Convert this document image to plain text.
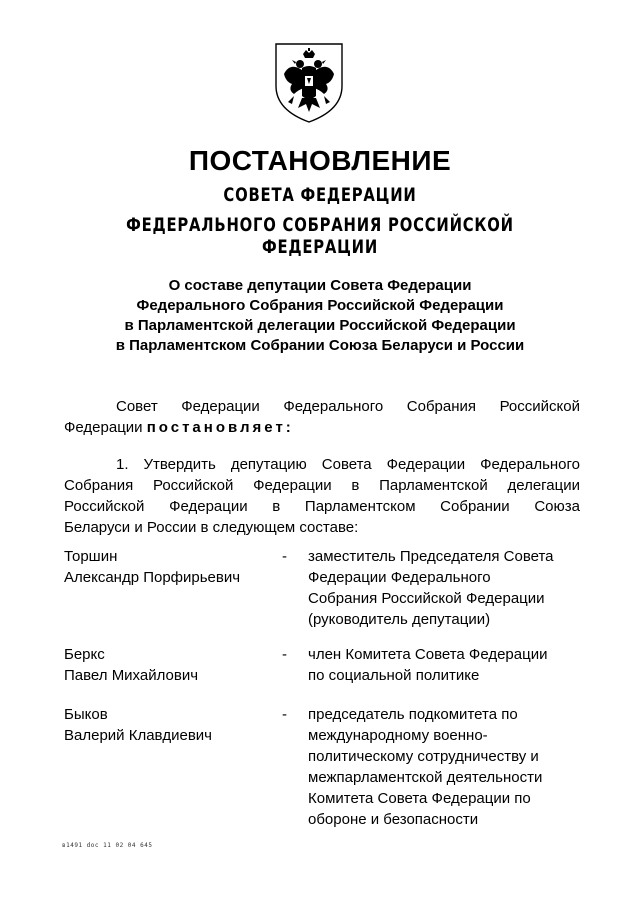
ПОСТАНОВЛЕНИЕ
СОВЕТА ФЕДЕРАЦИИ
ФЕДЕРАЛЬНОГО СОБРАНИЯ РОССИЙСКОЙ ФЕДЕРАЦИИ
О составе депутации Совета Федерации
Федерального Собрания Российской Федерации
в Парламентской делегации Российской Федерации
в Парламентском Собрании Союза Беларуси и России
Совет Федерации Федерального Собрания Российской
Федерации постановляет:
1. Утвердить депутацию Совета Федерации Федерального
Собрания Российской Федерации в Парламентской делегации
Российской Федерации в Парламентском Собрании Союза
Беларуси и России в следующем составе:
Торшин
Александр Порфирьевич
-	заместитель Председателя Совета
Федерации Федерального
Собрания Российской Федерации
(руководитель депутации)
Беркс
Павел Михайлович
-	член Комитета Совета Федерации
по социальной политике
Быков
Валерий Клавдиевич
-	председатель подкомитета по
международному военно-
политическому сотрудничеству и
межпарламентской деятельности
Комитета Совета Федерации по
обороне и безопасности
в1491 doc 11 02 04 645
